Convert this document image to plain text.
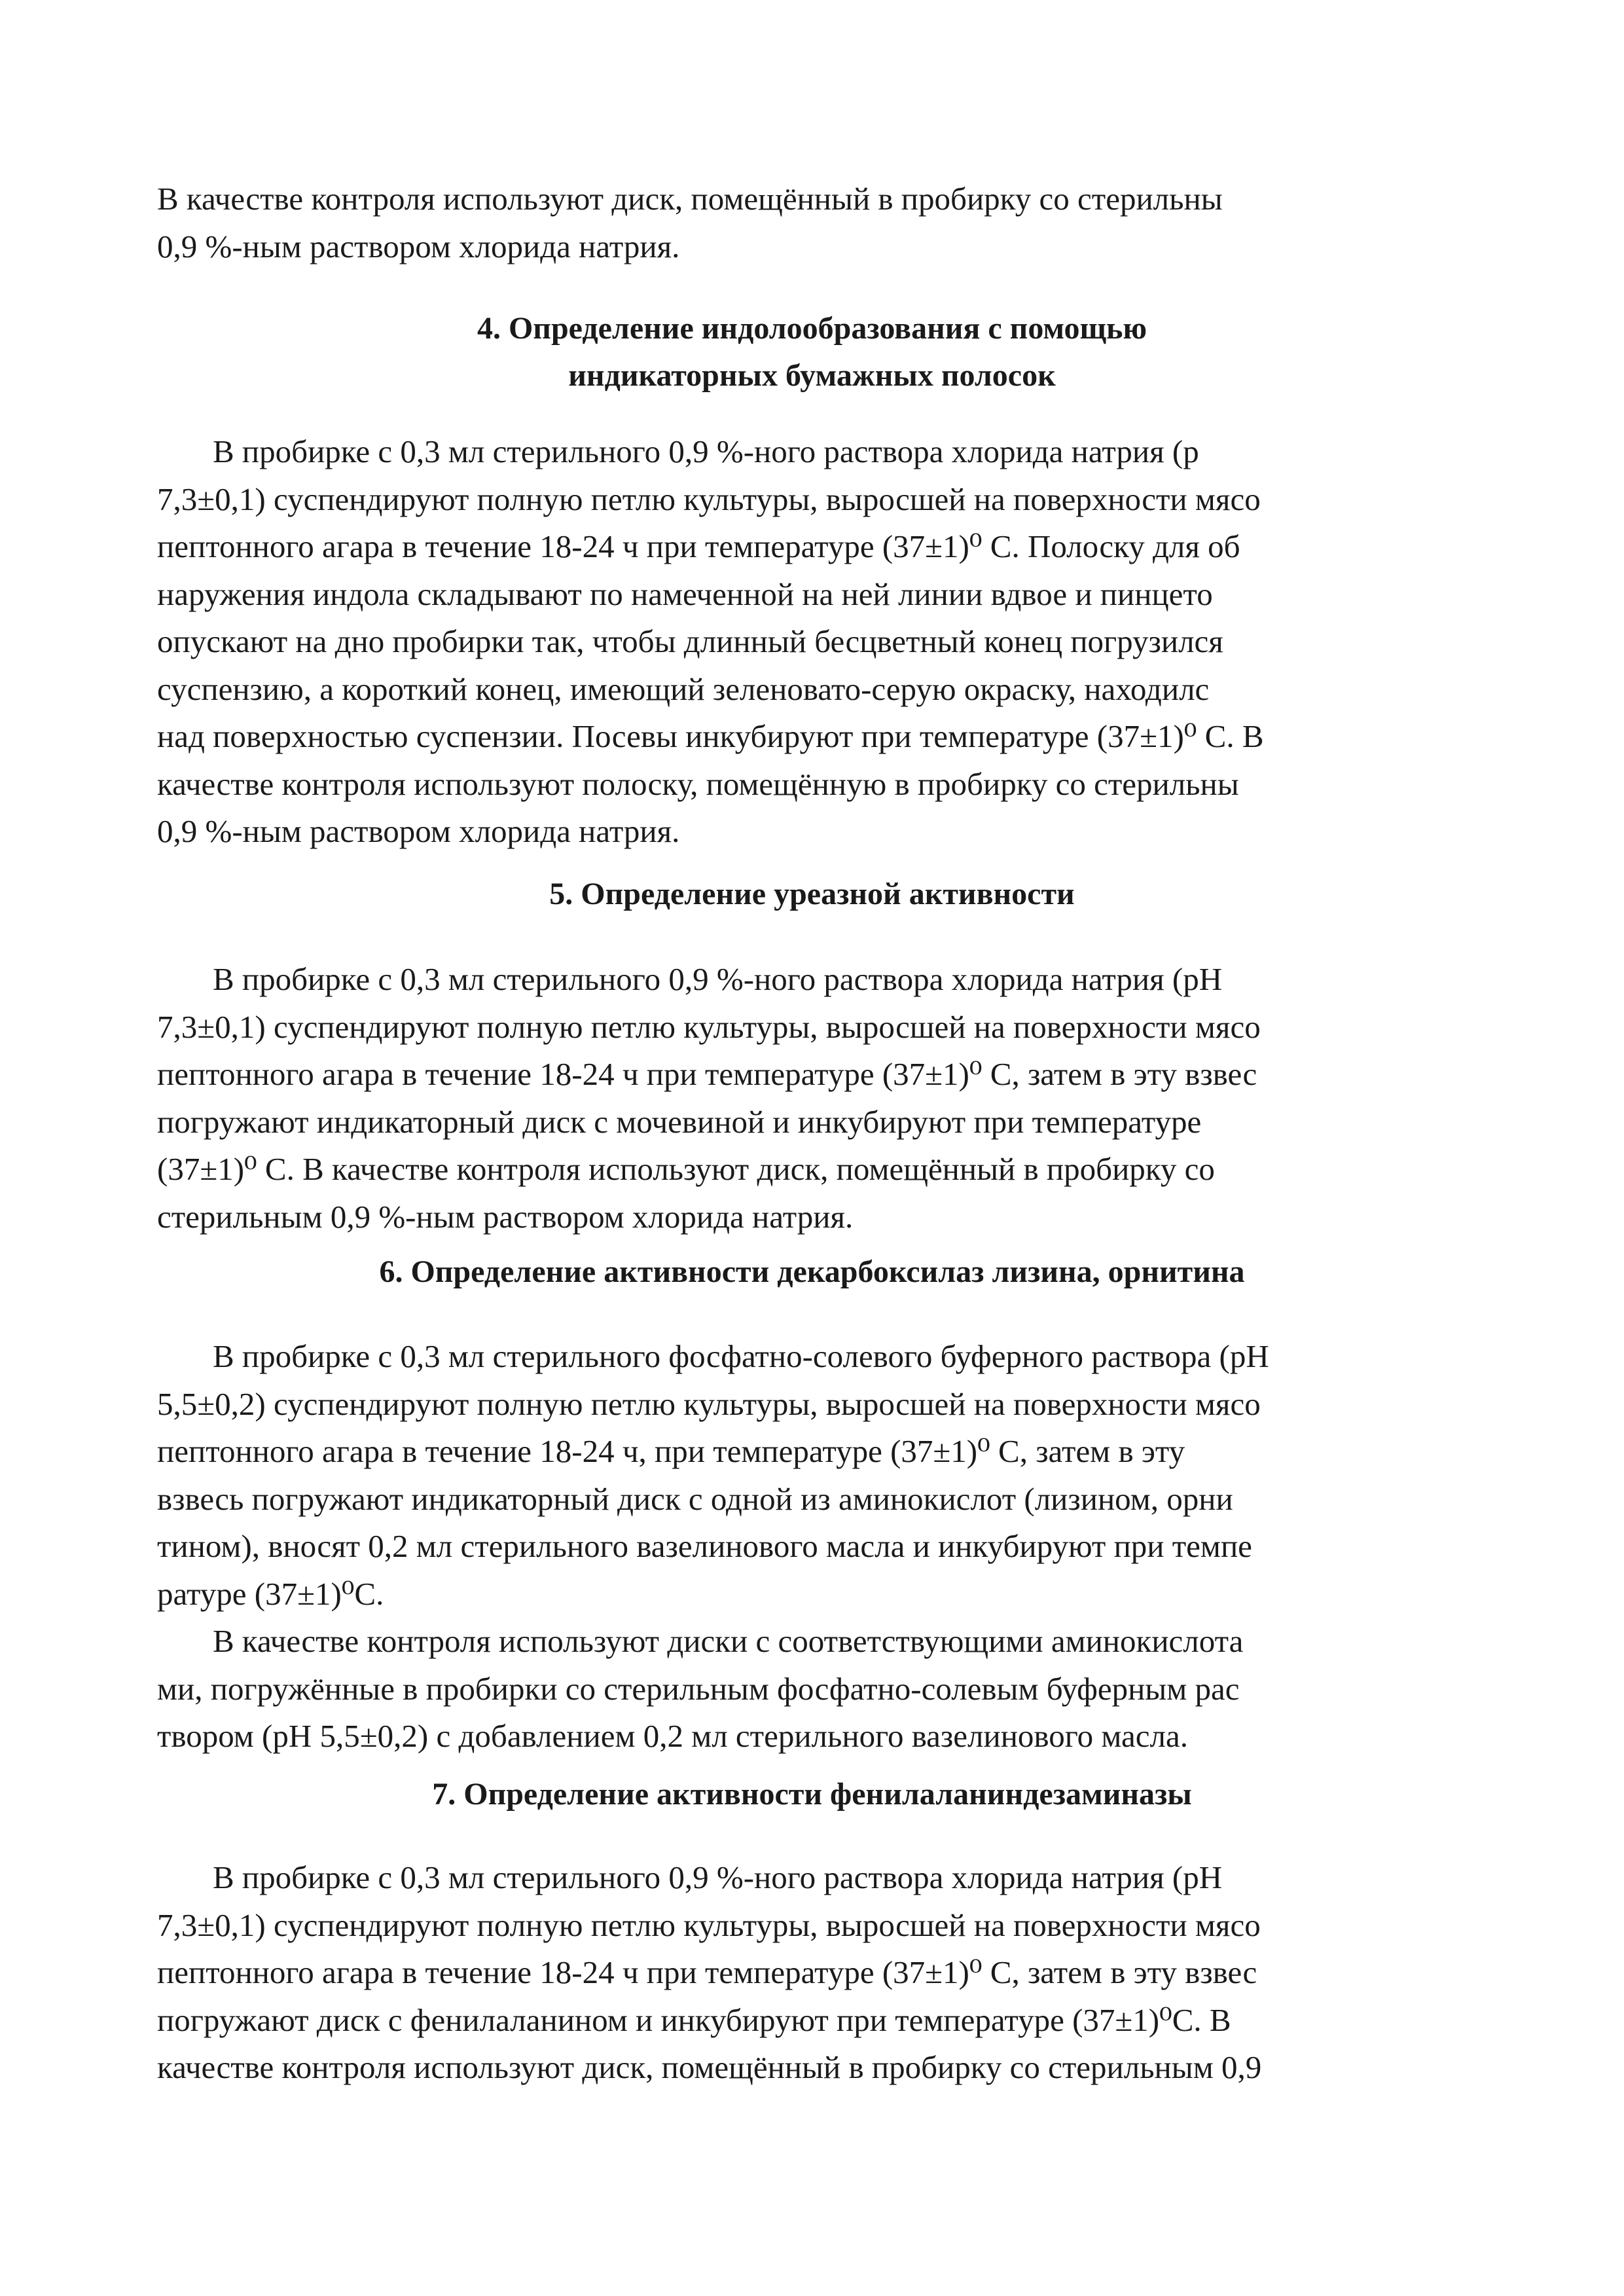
В качестве контроля используют диск, помещённый в пробирку со стерильны
0,9 %-ным раствором хлорида натрия.

4. Определение индолообразования с помощью
индикаторных бумажных полосок

В пробирке с 0,3 мл стерильного 0,9 %-ного раствора хлорида натрия (р
7,3±0,1) суспендируют полную петлю культуры, выросшей на поверхности мясо
пептонного агара в течение 18-24 ч при температуре (37±1)⁰ С. Полоску для об
наружения индола складывают по намеченной на ней линии вдвое и пинцето
опускают на дно пробирки так, чтобы длинный бесцветный конец погрузился
суспензию, а короткий конец, имеющий зеленовато-серую окраску, находилс
над поверхностью суспензии. Посевы инкубируют при температуре (37±1)⁰ С. В
качестве контроля используют полоску, помещённую в пробирку со стерильны
0,9 %-ным раствором хлорида натрия.

5. Определение уреазной активности

В пробирке с 0,3 мл стерильного 0,9 %-ного раствора хлорида натрия (pH
7,3±0,1) суспендируют полную петлю культуры, выросшей на поверхности мясо
пептонного агара в течение 18-24 ч при температуре (37±1)⁰ С, затем в эту взвес
погружают индикаторный диск с мочевиной и инкубируют при температуре
(37±1)⁰ С. В качестве контроля используют диск, помещённый в пробирку со
стерильным 0,9 %-ным раствором хлорида натрия.

6. Определение активности декарбоксилаз лизина, орнитина

В пробирке с 0,3 мл стерильного фосфатно-солевого буферного раствора (рН
5,5±0,2) суспендируют полную петлю культуры, выросшей на поверхности мясо
пептонного агара в течение 18-24 ч, при температуре (37±1)⁰ С, затем в эту
взвесь погружают индикаторный диск с одной из аминокислот (лизином, орни
тином), вносят 0,2 мл стерильного вазелинового масла и инкубируют при темпе
ратуре (37±1)⁰С.
В качестве контроля используют диски с соответствующими аминокислота
ми, погружённые в пробирки со стерильным фосфатно-солевым буферным рас
твором (рН 5,5±0,2) с добавлением 0,2 мл стерильного вазелинового масла.

7. Определение активности фенилаланиндезаминазы

В пробирке с 0,3 мл стерильного 0,9 %-ного раствора хлорида натрия (pH
7,3±0,1) суспендируют полную петлю культуры, выросшей на поверхности мясо
пептонного агара в течение 18-24 ч при температуре (37±1)⁰ С, затем в эту взвес
погружают диск с фенилаланином и инкубируют при температуре (37±1)⁰С. В
качестве контроля используют диск, помещённый в пробирку со стерильным 0,9
